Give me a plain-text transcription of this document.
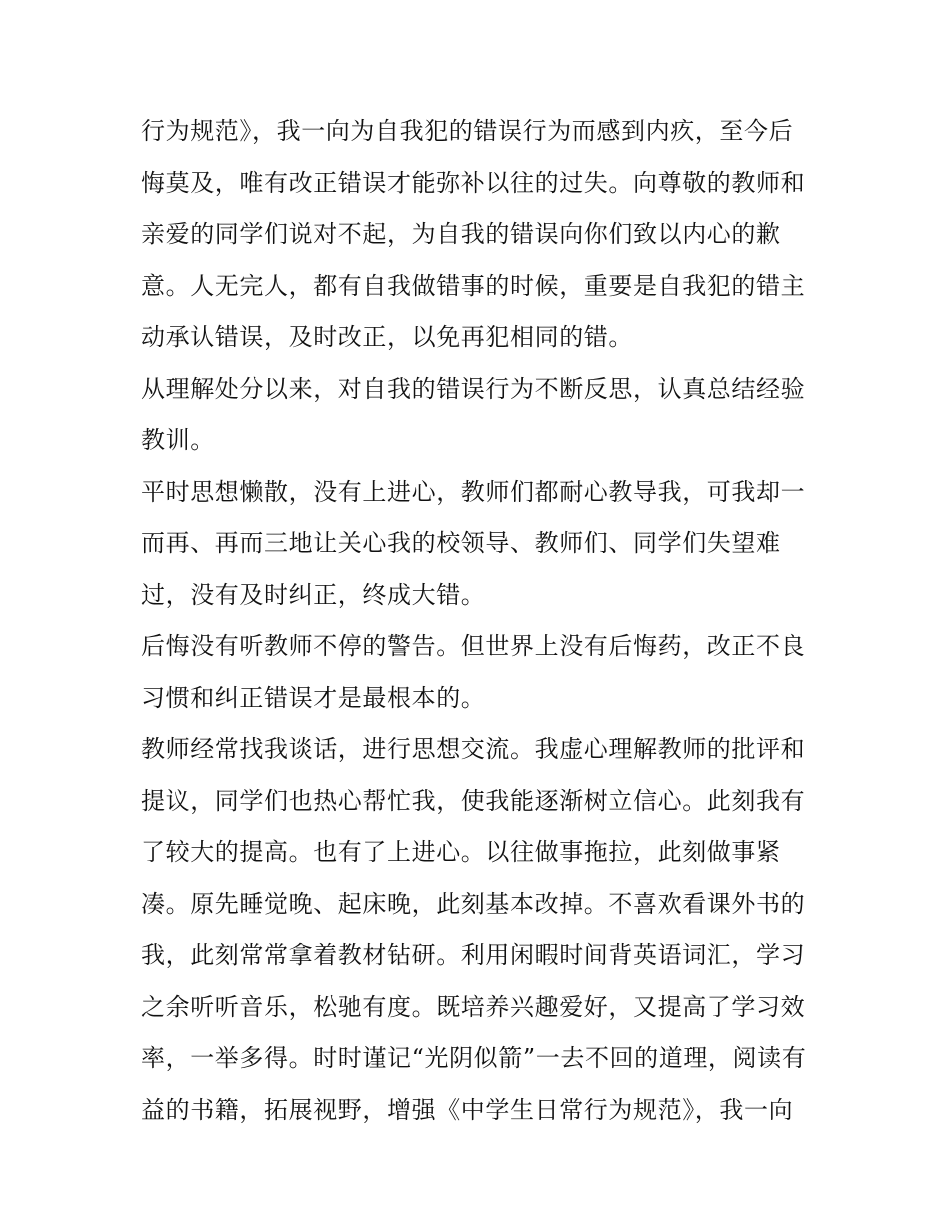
行为规范》，我一向为自我犯的错误行为而感到内疚，至今后
悔莫及，唯有改正错误才能弥补以往的过失。向尊敬的教师和
亲爱的同学们说对不起，为自我的错误向你们致以内心的歉
意。人无完人，都有自我做错事的时候，重要是自我犯的错主
动承认错误，及时改正，以免再犯相同的错。
从理解处分以来，对自我的错误行为不断反思，认真总结经验
教训。
平时思想懒散，没有上进心，教师们都耐心教导我，可我却一
而再、再而三地让关心我的校领导、教师们、同学们失望难
过，没有及时纠正，终成大错。
后悔没有听教师不停的警告。但世界上没有后悔药，改正不良
习惯和纠正错误才是最根本的。
教师经常找我谈话，进行思想交流。我虚心理解教师的批评和
提议，同学们也热心帮忙我，使我能逐渐树立信心。此刻我有
了较大的提高。也有了上进心。以往做事拖拉，此刻做事紧
凑。原先睡觉晚、起床晚，此刻基本改掉。不喜欢看课外书的
我，此刻常常拿着教材钻研。利用闲暇时间背英语词汇，学习
之余听听音乐，松驰有度。既培养兴趣爱好，又提高了学习效
率，一举多得。时时谨记“光阴似箭”一去不回的道理，阅读有
益的书籍，拓展视野，增强《中学生日常行为规范》，我一向
